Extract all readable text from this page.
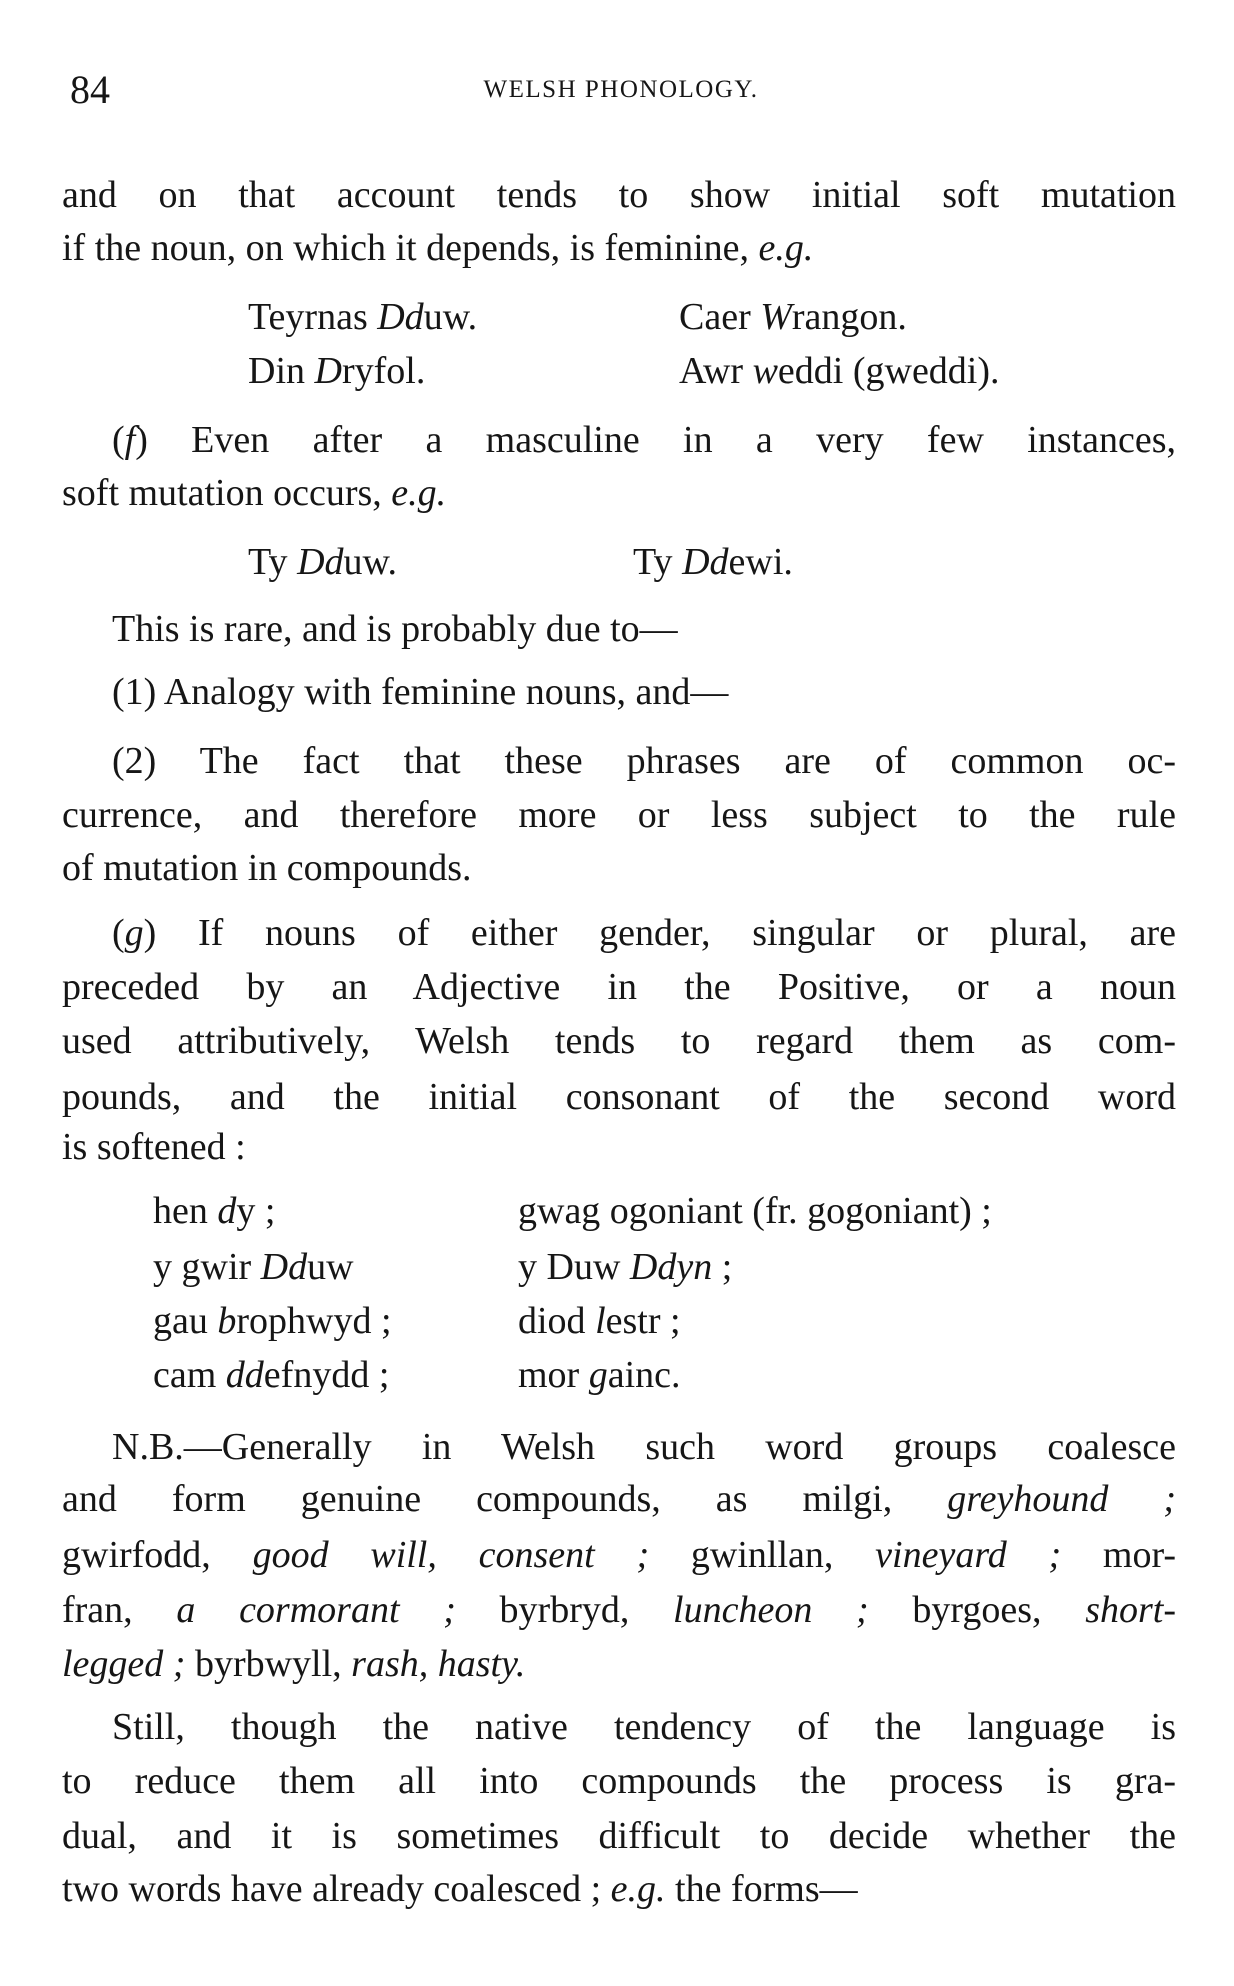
84	WELSH PHONOLOGY.
and on that account tends to show initial soft mutation
if the noun, on which it depends, is feminine, e.g.
Teyrnas Dduw.	Caer Wrangon.
Din Dryfol.	Awr weddi (gweddi).
(f) Even after a masculine in a very few instances,
soft mutation occurs, e.g.
Ty Dduw.	Ty Ddewi.
This is rare, and is probably due to—
(1) Analogy with feminine nouns, and—
(2) The fact that these phrases are of common oc-
currence, and therefore more or less subject to the rule
of mutation in compounds.
(g) If nouns of either gender, singular or plural, are
preceded by an Adjective in the Positive, or a noun
used attributively, Welsh tends to regard them as com-
pounds, and the initial consonant of the second word
is softened :
hen dy ;	gwag ogoniant (fr. gogoniant) ;
y gwir Dduw	y Duw Ddyn ;
gau brophwyd ;	diod lestr ;
cam ddefnydd ;	mor gainc.
N.B.—Generally in Welsh such word groups coalesce
and form genuine compounds, as milgi, greyhound ;
gwirfodd, good will, consent ; gwinllan, vineyard ; mor-
fran, a cormorant ; byrbryd, luncheon ; byrgoes, short-
legged ; byrbwyll, rash, hasty.
Still, though the native tendency of the language is
to reduce them all into compounds the process is gra-
dual, and it is sometimes difficult to decide whether the
two words have already coalesced ; e.g. the forms—
